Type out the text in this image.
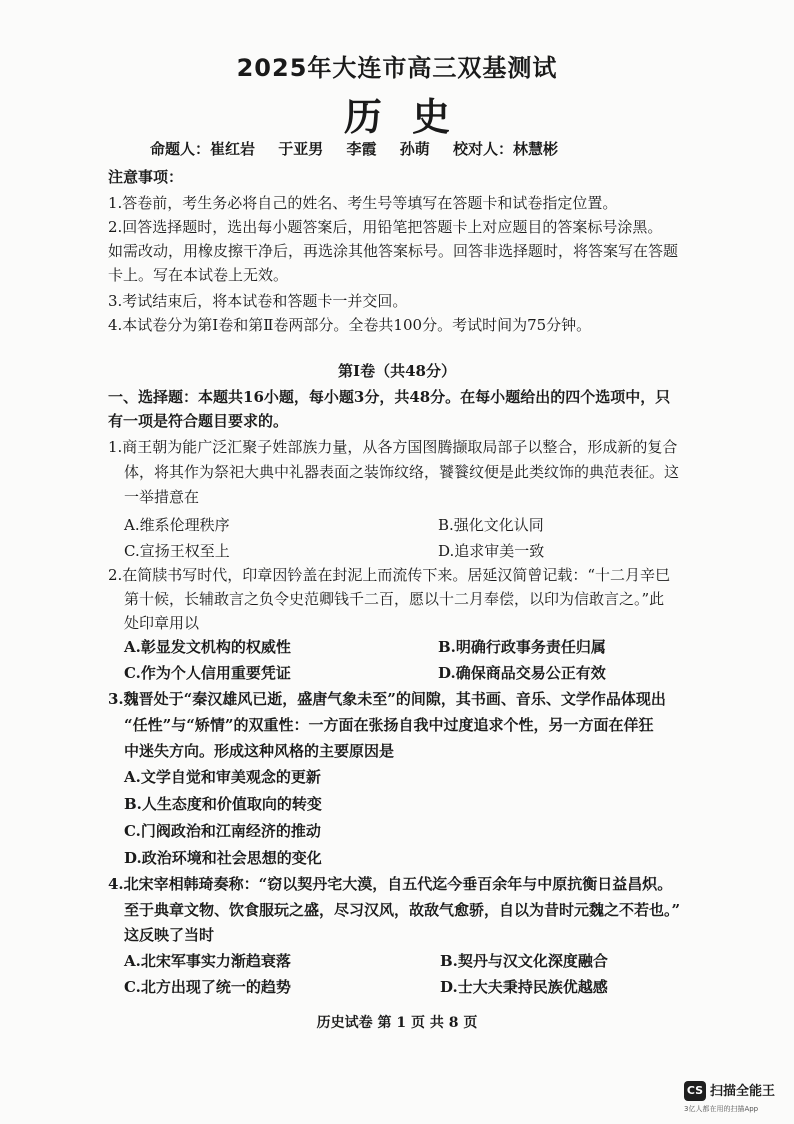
2025年大连市高三双基测试
历史
命题人：崔红岩 于亚男 李霞 孙萌 校对人：林慧彬
注意事项：
1.答卷前，考生务必将自己的姓名、考生号等填写在答题卡和试卷指定位置。
2.回答选择题时，选出每小题答案后，用铅笔把答题卡上对应题目的答案标号涂黑。
如需改动，用橡皮擦干净后，再选涂其他答案标号。回答非选择题时，将答案写在答题
卡上。写在本试卷上无效。
3.考试结束后，将本试卷和答题卡一并交回。
4.本试卷分为第Ⅰ卷和第Ⅱ卷两部分。全卷共100分。考试时间为75分钟。
第Ⅰ卷（共48分）
一、选择题：本题共16小题，每小题3分，共48分。在每小题给出的四个选项中，只
有一项是符合题目要求的。
1.商王朝为能广泛汇聚子姓部族力量，从各方国图腾撷取局部子以整合，形成新的复合
体，将其作为祭祀大典中礼器表面之装饰纹络，饕餮纹便是此类纹饰的典范表征。这
一举措意在
A.维系伦理秩序	B.强化文化认同
C.宣扬王权至上	D.追求审美一致
2.在简牍书写时代，印章因钤盖在封泥上而流传下来。居延汉简曾记载：“十二月辛巳
第十候，长辅敢言之负令史范卿钱千二百，愿以十二月奉偿，以印为信敢言之。”此
处印章用以
A.彰显发文机构的权威性	B.明确行政事务责任归属
C.作为个人信用重要凭证	D.确保商品交易公正有效
3.魏晋处于“秦汉雄风已逝，盛唐气象未至”的间隙，其书画、音乐、文学作品体现出
“任性”与“矫情”的双重性：一方面在张扬自我中过度追求个性，另一方面在佯狂
中迷失方向。形成这种风格的主要原因是
A.文学自觉和审美观念的更新
B.人生态度和价值取向的转变
C.门阀政治和江南经济的推动
D.政治环境和社会思想的变化
4.北宋宰相韩琦奏称：“窃以契丹宅大漠，自五代迄今垂百余年与中原抗衡日益昌炽。
至于典章文物、饮食服玩之盛，尽习汉风，故敌气愈骄，自以为昔时元魏之不若也。”
这反映了当时
A.北宋军事实力渐趋衰落	B.契丹与汉文化深度融合
C.北方出现了统一的趋势	D.士大夫秉持民族优越感
历史试卷 第 1 页 共 8 页
CS 扫描全能王
3亿人都在用的扫描App
